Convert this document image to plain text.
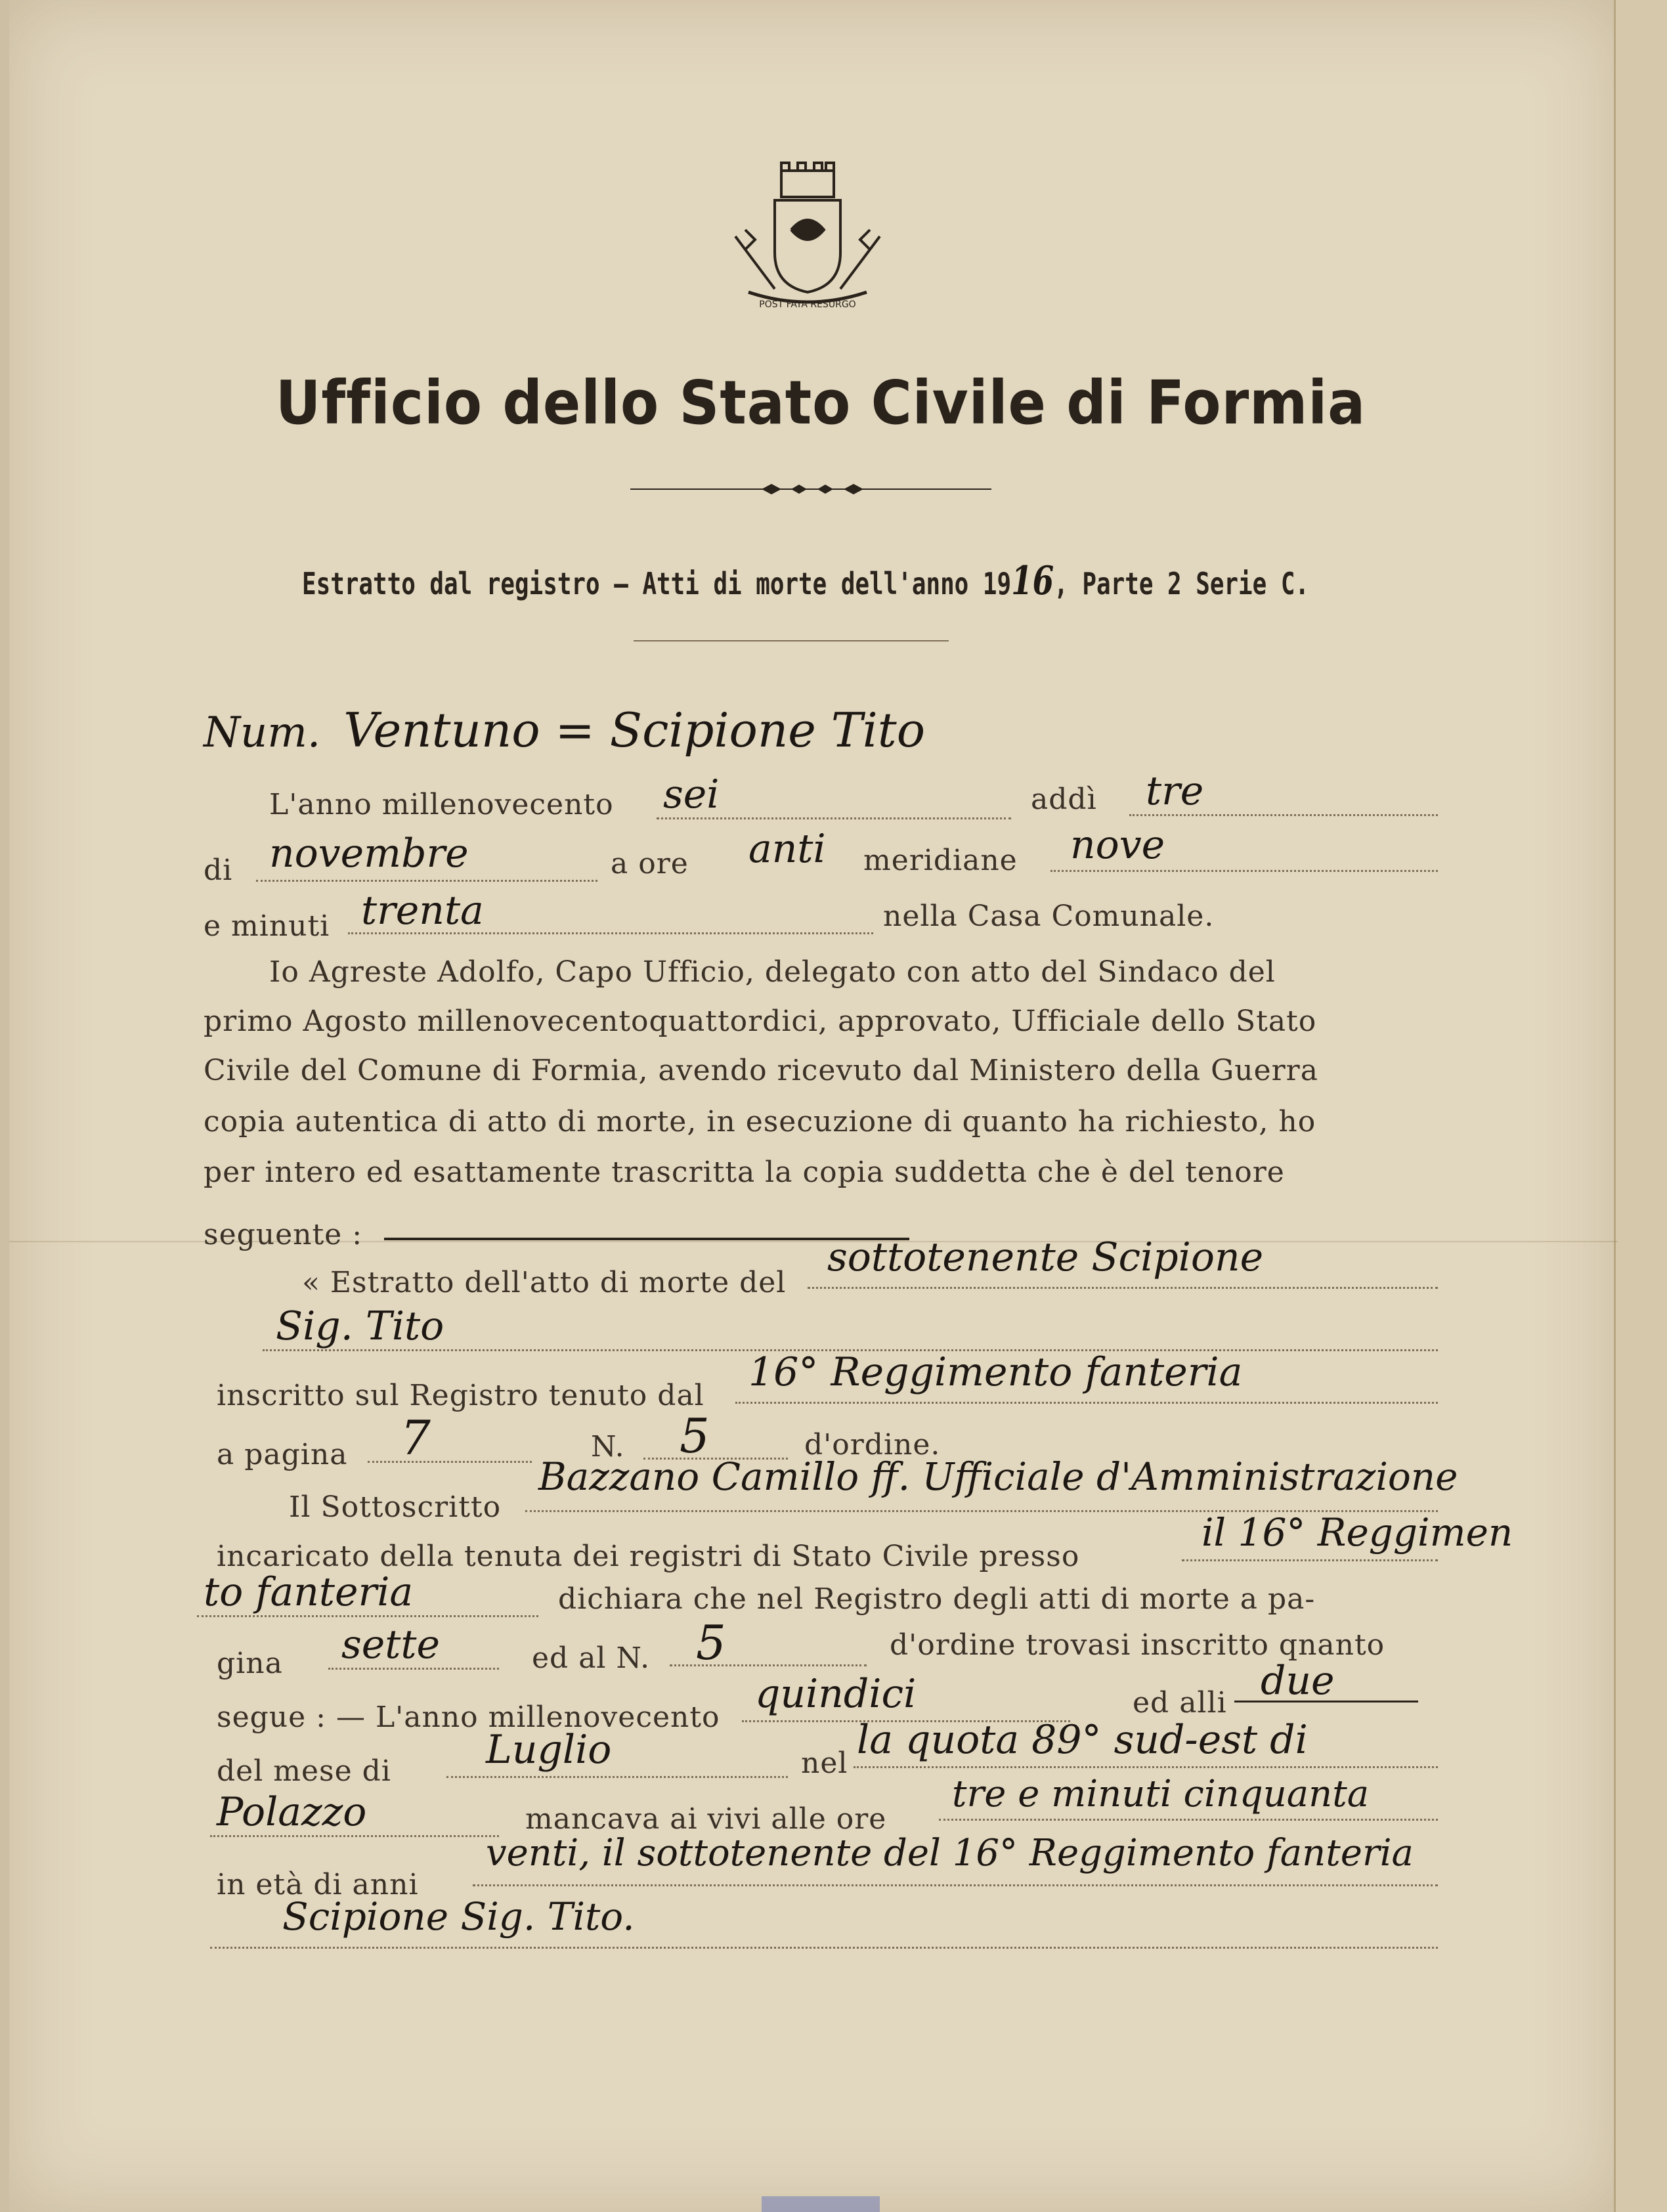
POST FATA RESURGO
Ufficio dello Stato Civile di Formia
Estratto dal registro — Atti di morte dell'anno 1916, Parte 2 Serie C.
Num. Ventuno = Scipione Tito
L'anno millenovecento sei	addì tre
di novembre	a ore anti meridiane nove
e minuti trenta	nella Casa Comunale.
Io Agreste Adolfo, Capo Ufficio, delegato con atto del Sindaco del
primo Agosto millenovecentoquattordici, approvato, Ufficiale dello Stato
Civile del Comune di Formia, avendo ricevuto dal Ministero della Guerra
copia autentica di atto di morte, in esecuzione di quanto ha richiesto, ho
per intero ed esattamente trascritta la copia suddetta che è del tenore
seguente :
« Estratto dell'atto di morte del
sottotenente Scipione
Sig. Tito
inscritto sul Registro tenuto dal
16° Reggimento fanteria
a pagina 7	N. 5	d'ordine.
Il Sottoscritto
Bazzano Camillo ff. Ufficiale d'Amministrazione
incaricato della tenuta dei registri di Stato Civile presso
il 16° Reggimen
to fanteria	dichiara che nel Registro degli atti di morte a pa-
gina sette	ed al N. 5	d'ordine trovasi inscritto qnanto
segue : — L'anno millenovecento
quindici	ed alli due
del mese di Luglio	nel
la quota 89° sud-est di
Polazzo	mancava ai vivi alle ore
tre e minuti cinquanta
in età di anni
venti, il sottotenente del 16° Reggimento fanteria
Scipione Sig. Tito.
